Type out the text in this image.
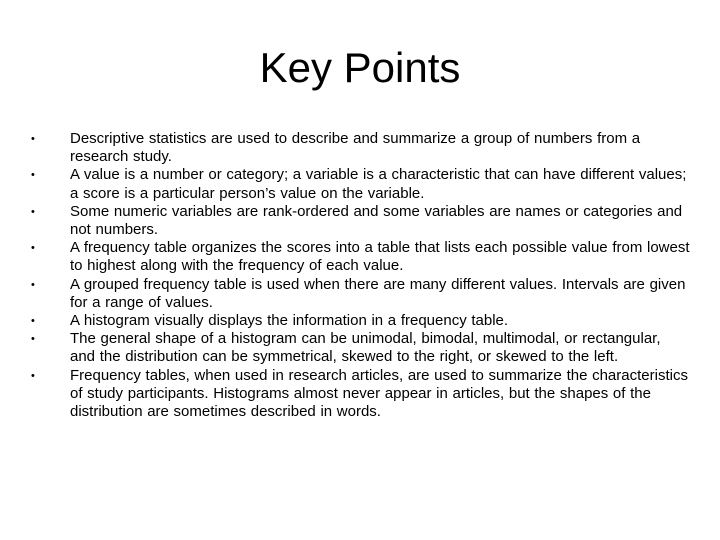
Key Points
•	Descriptive statistics are used to describe and summarize a group of numbers from a research study.
•	A value is a number or category; a variable is a characteristic that can have different values; a score is a particular person’s value on the variable.
•	Some numeric variables are rank-ordered and some variables are names or categories and not numbers.
•	A frequency table organizes the scores into a table that lists each possible value from lowest to highest along with the frequency of each value.
•	A grouped frequency table is used when there are many different values. Intervals are given for a range of values.
•	A histogram visually displays the information in a frequency table.
•	The general shape of a histogram can be unimodal, bimodal, multimodal, or rectangular, and the distribution can be symmetrical, skewed to the right, or skewed to the left.
•	Frequency tables, when used in research articles, are used to summarize the characteristics of study participants. Histograms almost never appear in articles, but the shapes of the distribution are sometimes described in words.
